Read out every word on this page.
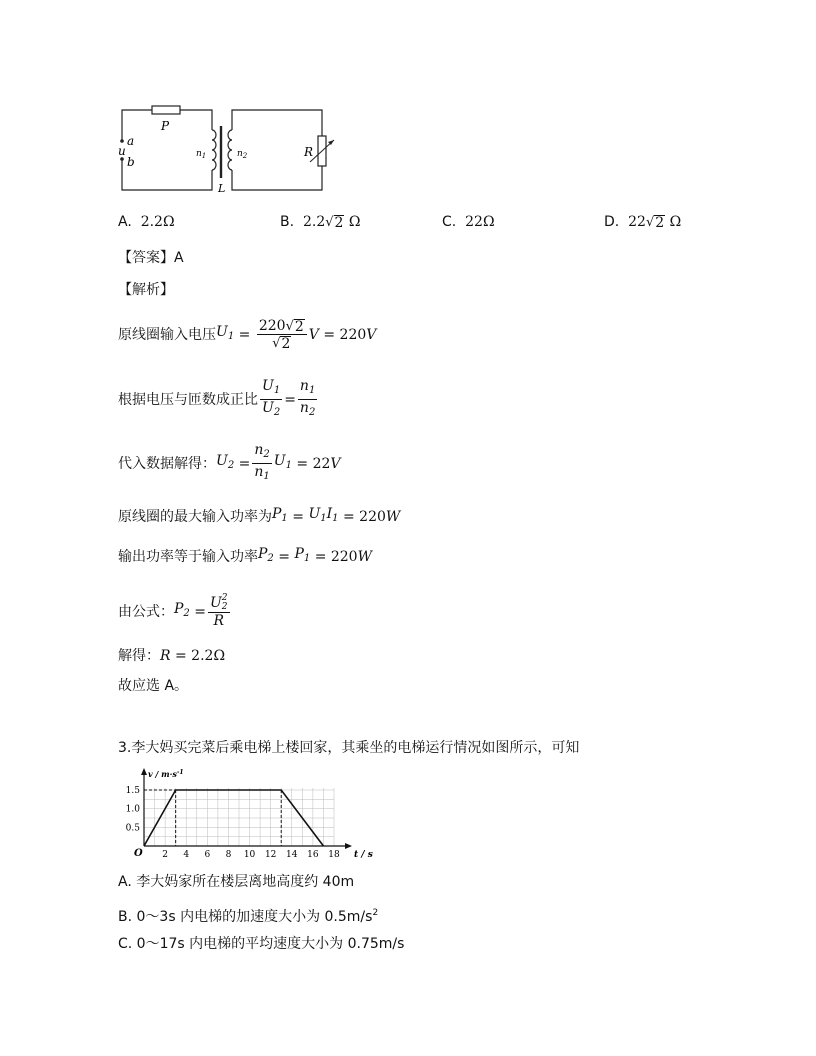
P
a
u
b
$n_1$	$n_2$
L
R
A. 2.2Ω	B. 2.2 √ 2 Ω	C. 22Ω	D. 22 √ 2 Ω
【答案】A
【解析】
原线圈输入电压 $U_1 = \frac{220 √ 2}{√ 2}$ V = 220V
根据电压与匝数成正比 $\frac{U_1}{U_2} = \frac{n_1}{n_2}$
代入数据解得： $U_2 = \frac{n_2}{n_1} U_1 = 22V$
原线圈的最大输入功率为 $P_1 = U_1I_1 = 220W$
输出功率等于输入功率 $P_2 = P_1 = 220W$
由公式： $P_2 = U$ 2
2
R
解得： R = 2.2Ω
故应选 A。
3.李大妈买完菜后乘电梯上楼回家，其乘坐的电梯运行情况如图所示，可知
2 4 6 8 10 12 14 16 18
0.5
1.0
1.5
O
$v / m\cdot s^{-1}$
t / s
A. 李大妈家所在楼层离地高度约 40m
B. 0～3s 内电梯的加速度大小为 $0.5m/s^2$
C. 0～17s 内电梯的平均速度大小为 0.75m/s
